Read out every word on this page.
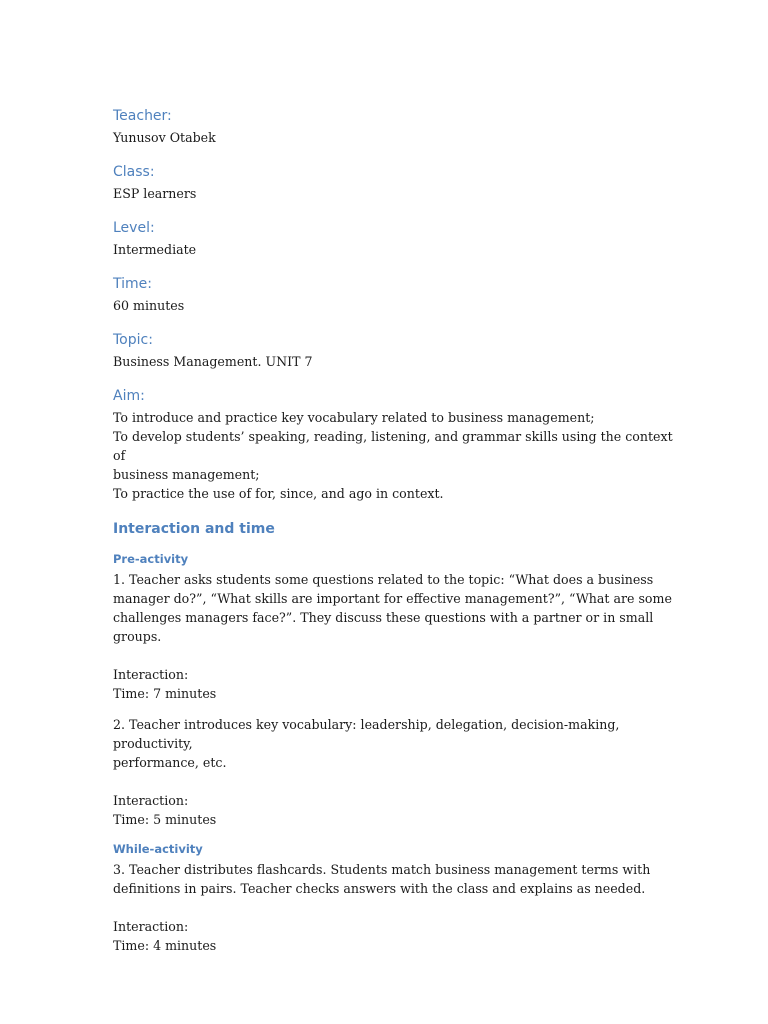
Teacher:

Yunusov Otabek

Class:

ESP learners

Level:

Intermediate

Time:

60 minutes

Topic:

Business Management. UNIT 7

Aim:

To introduce and practice key vocabulary related to business management;

To develop students’ speaking, reading, listening, and grammar skills using the context of

business management;

To practice the use of for, since, and ago in context.

Interaction and time
Pre-activity

1. Teacher asks students some questions related to the topic: “What does a business

manager do?”, “What skills are important for effective management?”, “What are some

challenges managers face?”. They discuss these questions with a partner or in small groups.

Interaction:

Time: 7 minutes

2. Teacher introduces key vocabulary: leadership, delegation, decision-making, productivity,

performance, etc.

Interaction:

Time: 5 minutes

While-activity

3. Teacher distributes flashcards. Students match business management terms with

definitions in pairs. Teacher checks answers with the class and explains as needed.

Interaction:

Time: 4 minutes
